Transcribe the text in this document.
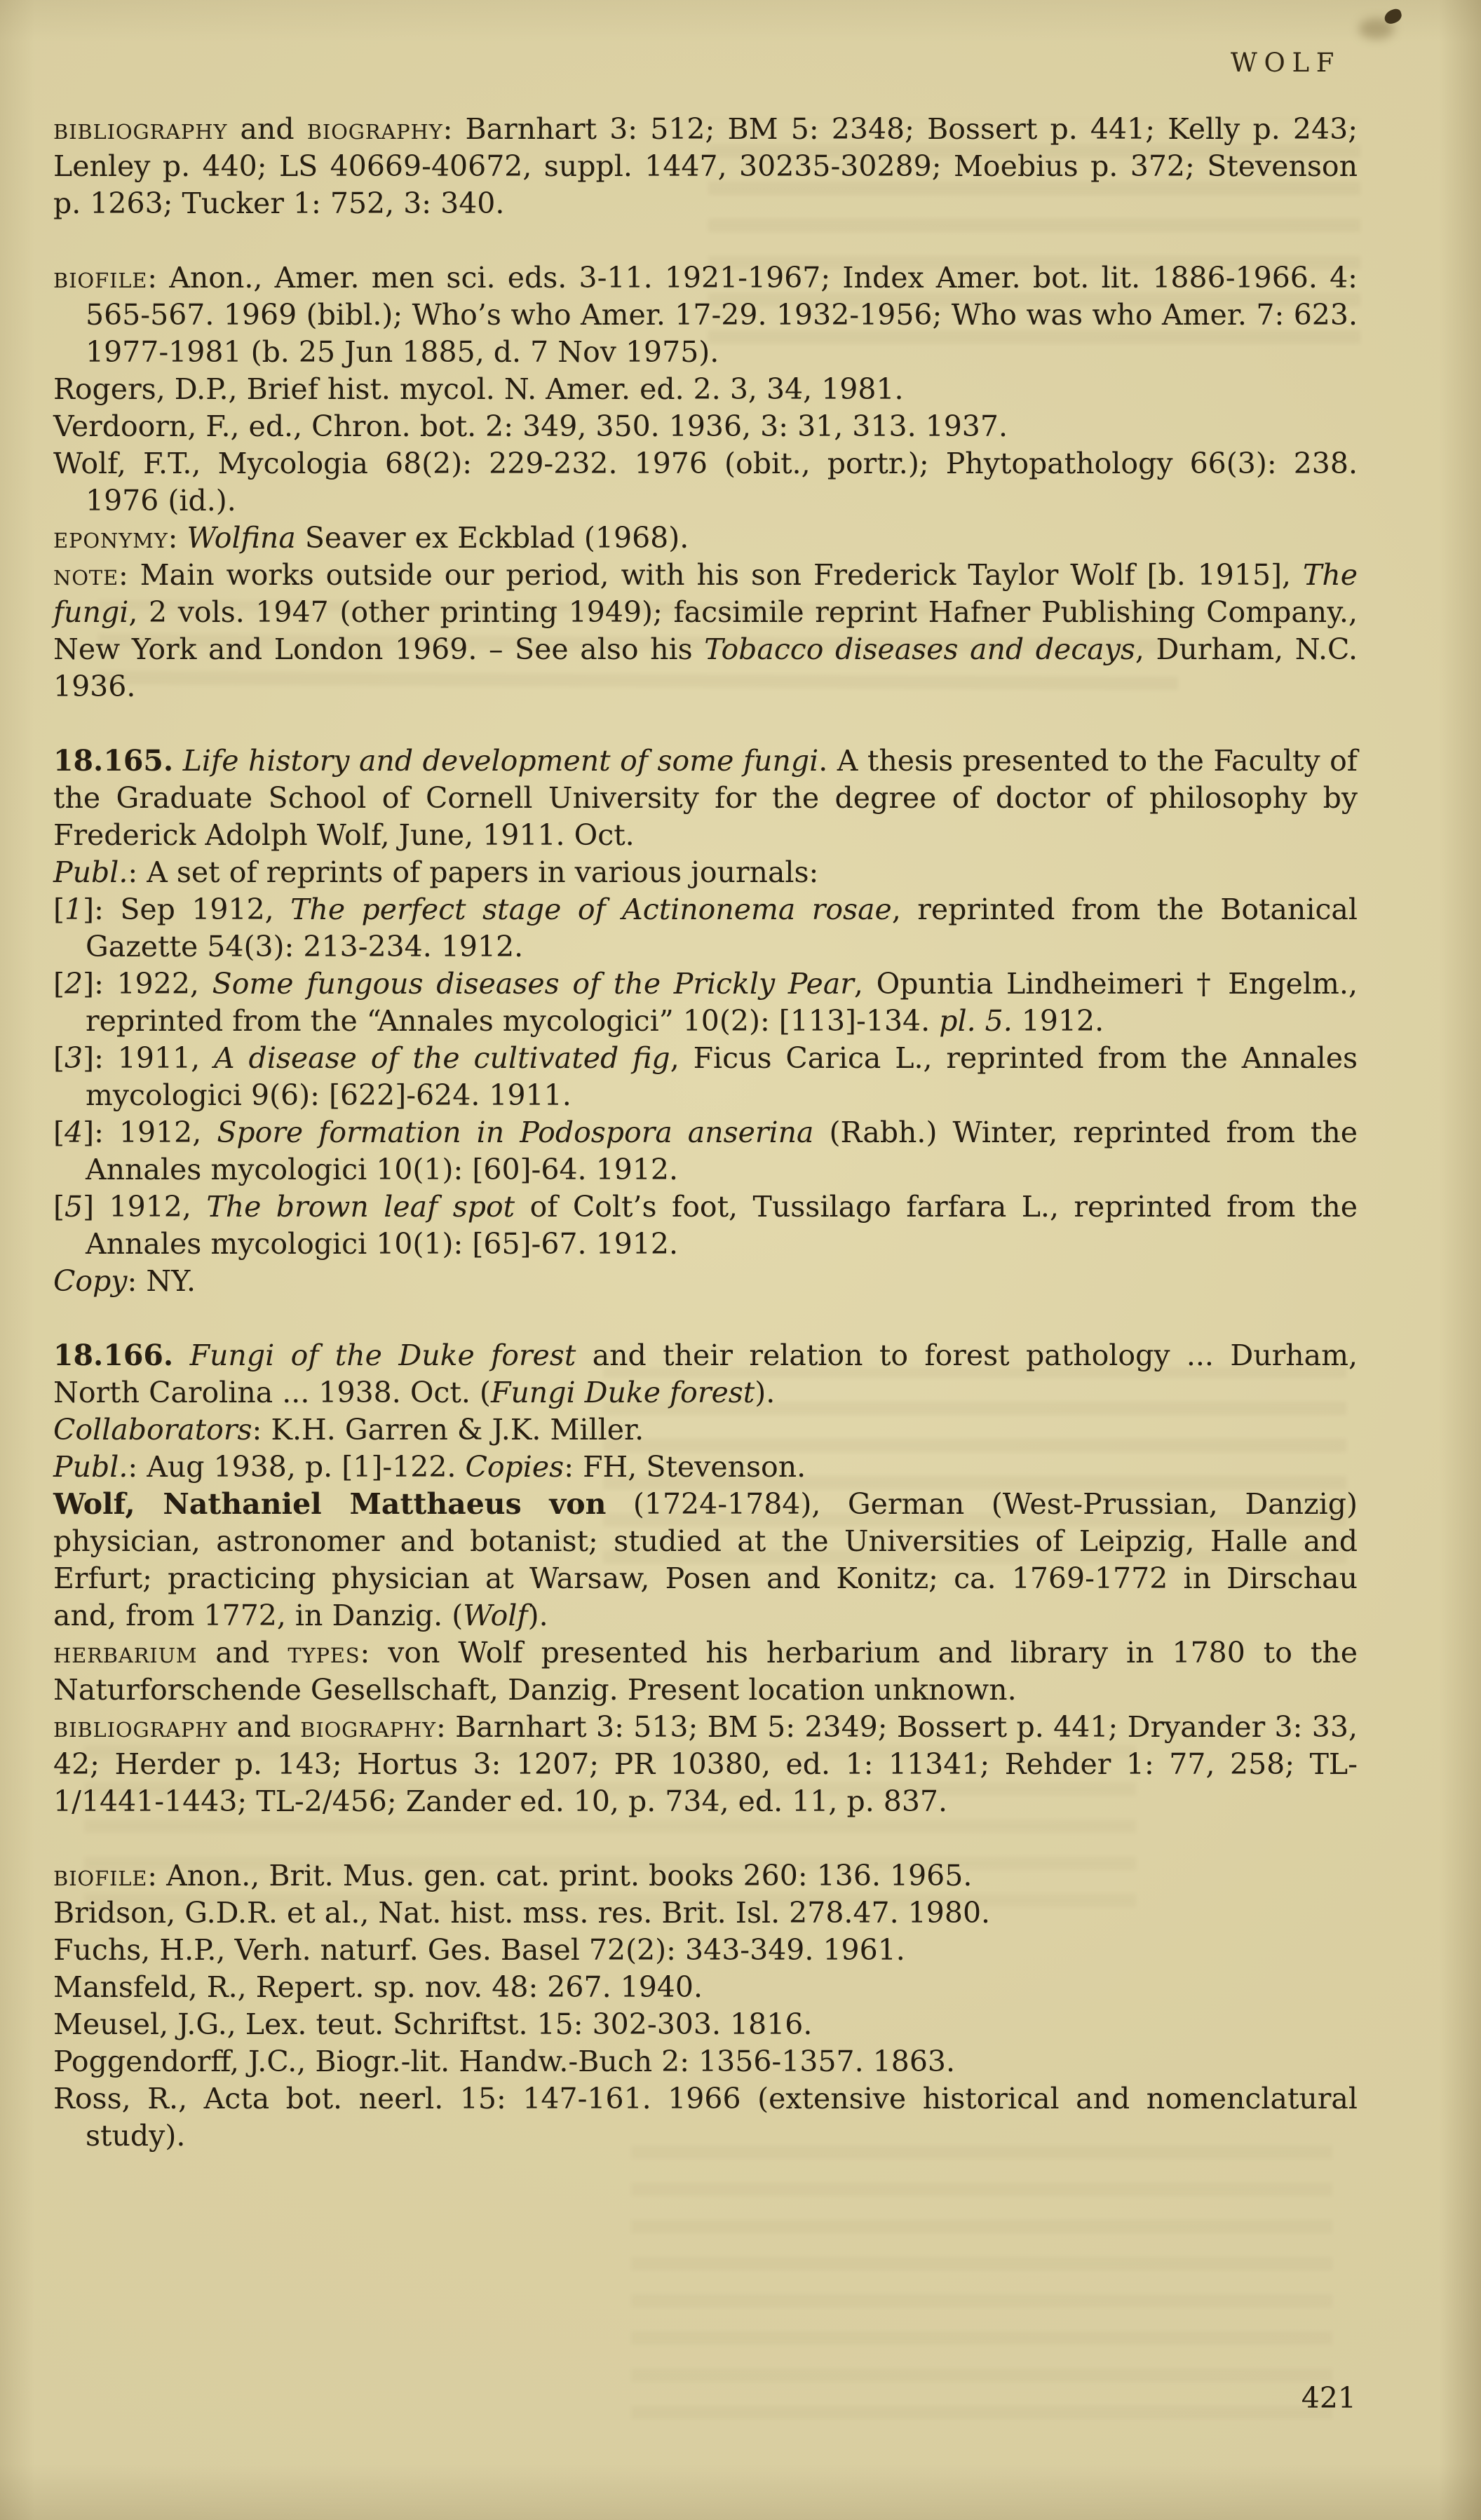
WOLF

bibliography and biography: Barnhart 3: 512; BM 5: 2348; Bossert p. 441; Kelly p. 243; Lenley p. 440; LS 40669-40672, suppl. 1447, 30235-30289; Moebius p. 372; Stevenson p. 1263; Tucker 1: 752, 3: 340.

biofile: Anon., Amer. men sci. eds. 3-11. 1921-1967; Index Amer. bot. lit. 1886-1966. 4: 565-567. 1969 (bibl.); Who’s who Amer. 17-29. 1932-1956; Who was who Amer. 7: 623. 1977-1981 (b. 25 Jun 1885, d. 7 Nov 1975).

Rogers, D.P., Brief hist. mycol. N. Amer. ed. 2. 3, 34, 1981.

Verdoorn, F., ed., Chron. bot. 2: 349, 350. 1936, 3: 31, 313. 1937.

Wolf, F.T., Mycologia 68(2): 229-232. 1976 (obit., portr.); Phytopathology 66(3): 238. 1976 (id.).

eponymy: Wolfina Seaver ex Eckblad (1968).

note: Main works outside our period, with his son Frederick Taylor Wolf [b. 1915], The fungi, 2 vols. 1947 (other printing 1949); facsimile reprint Hafner Publishing Company., New York and London 1969. – See also his Tobacco diseases and decays, Durham, N.C. 1936.

18.165. Life history and development of some fungi. A thesis presented to the Faculty of the Graduate School of Cornell University for the degree of doctor of philosophy by Frederick Adolph Wolf, June, 1911. Oct.

Publ.: A set of reprints of papers in various journals:

[1]: Sep 1912, The perfect stage of Actinonema rosae, reprinted from the Botanical Gazette 54(3): 213-234. 1912.

[2]: 1922, Some fungous diseases of the Prickly Pear, Opuntia Lindheimeri † Engelm., reprinted from the “Annales mycologici” 10(2): [113]-134. pl. 5. 1912.

[3]: 1911, A disease of the cultivated fig, Ficus Carica L., reprinted from the Annales mycologici 9(6): [622]-624. 1911.

[4]: 1912, Spore formation in Podospora anserina (Rabh.) Winter, reprinted from the Annales mycologici 10(1): [60]-64. 1912.

[5] 1912, The brown leaf spot of Colt’s foot, Tussilago farfara L., reprinted from the Annales mycologici 10(1): [65]-67. 1912.

Copy: NY.

18.166. Fungi of the Duke forest and their relation to forest pathology ... Durham, North Carolina ... 1938. Oct. (Fungi Duke forest).

Collaborators: K.H. Garren & J.K. Miller.

Publ.: Aug 1938, p. [1]-122. Copies: FH, Stevenson.

Wolf, Nathaniel Matthaeus von (1724-1784), German (West-Prussian, Danzig) physician, astronomer and botanist; studied at the Universities of Leipzig, Halle and Erfurt; practicing physician at Warsaw, Posen and Konitz; ca. 1769-1772 in Dirschau and, from 1772, in Danzig. (Wolf).

herbarium and types: von Wolf presented his herbarium and library in 1780 to the Naturforschende Gesellschaft, Danzig. Present location unknown.

bibliography and biography: Barnhart 3: 513; BM 5: 2349; Bossert p. 441; Dryander 3: 33, 42; Herder p. 143; Hortus 3: 1207; PR 10380, ed. 1: 11341; Rehder 1: 77, 258; TL-1/1441-1443; TL-2/456; Zander ed. 10, p. 734, ed. 11, p. 837.

biofile: Anon., Brit. Mus. gen. cat. print. books 260: 136. 1965.

Bridson, G.D.R. et al., Nat. hist. mss. res. Brit. Isl. 278.47. 1980.

Fuchs, H.P., Verh. naturf. Ges. Basel 72(2): 343-349. 1961.

Mansfeld, R., Repert. sp. nov. 48: 267. 1940.

Meusel, J.G., Lex. teut. Schriftst. 15: 302-303. 1816.

Poggendorff, J.C., Biogr.-lit. Handw.-Buch 2: 1356-1357. 1863.

Ross, R., Acta bot. neerl. 15: 147-161. 1966 (extensive historical and nomenclatural study).

421
